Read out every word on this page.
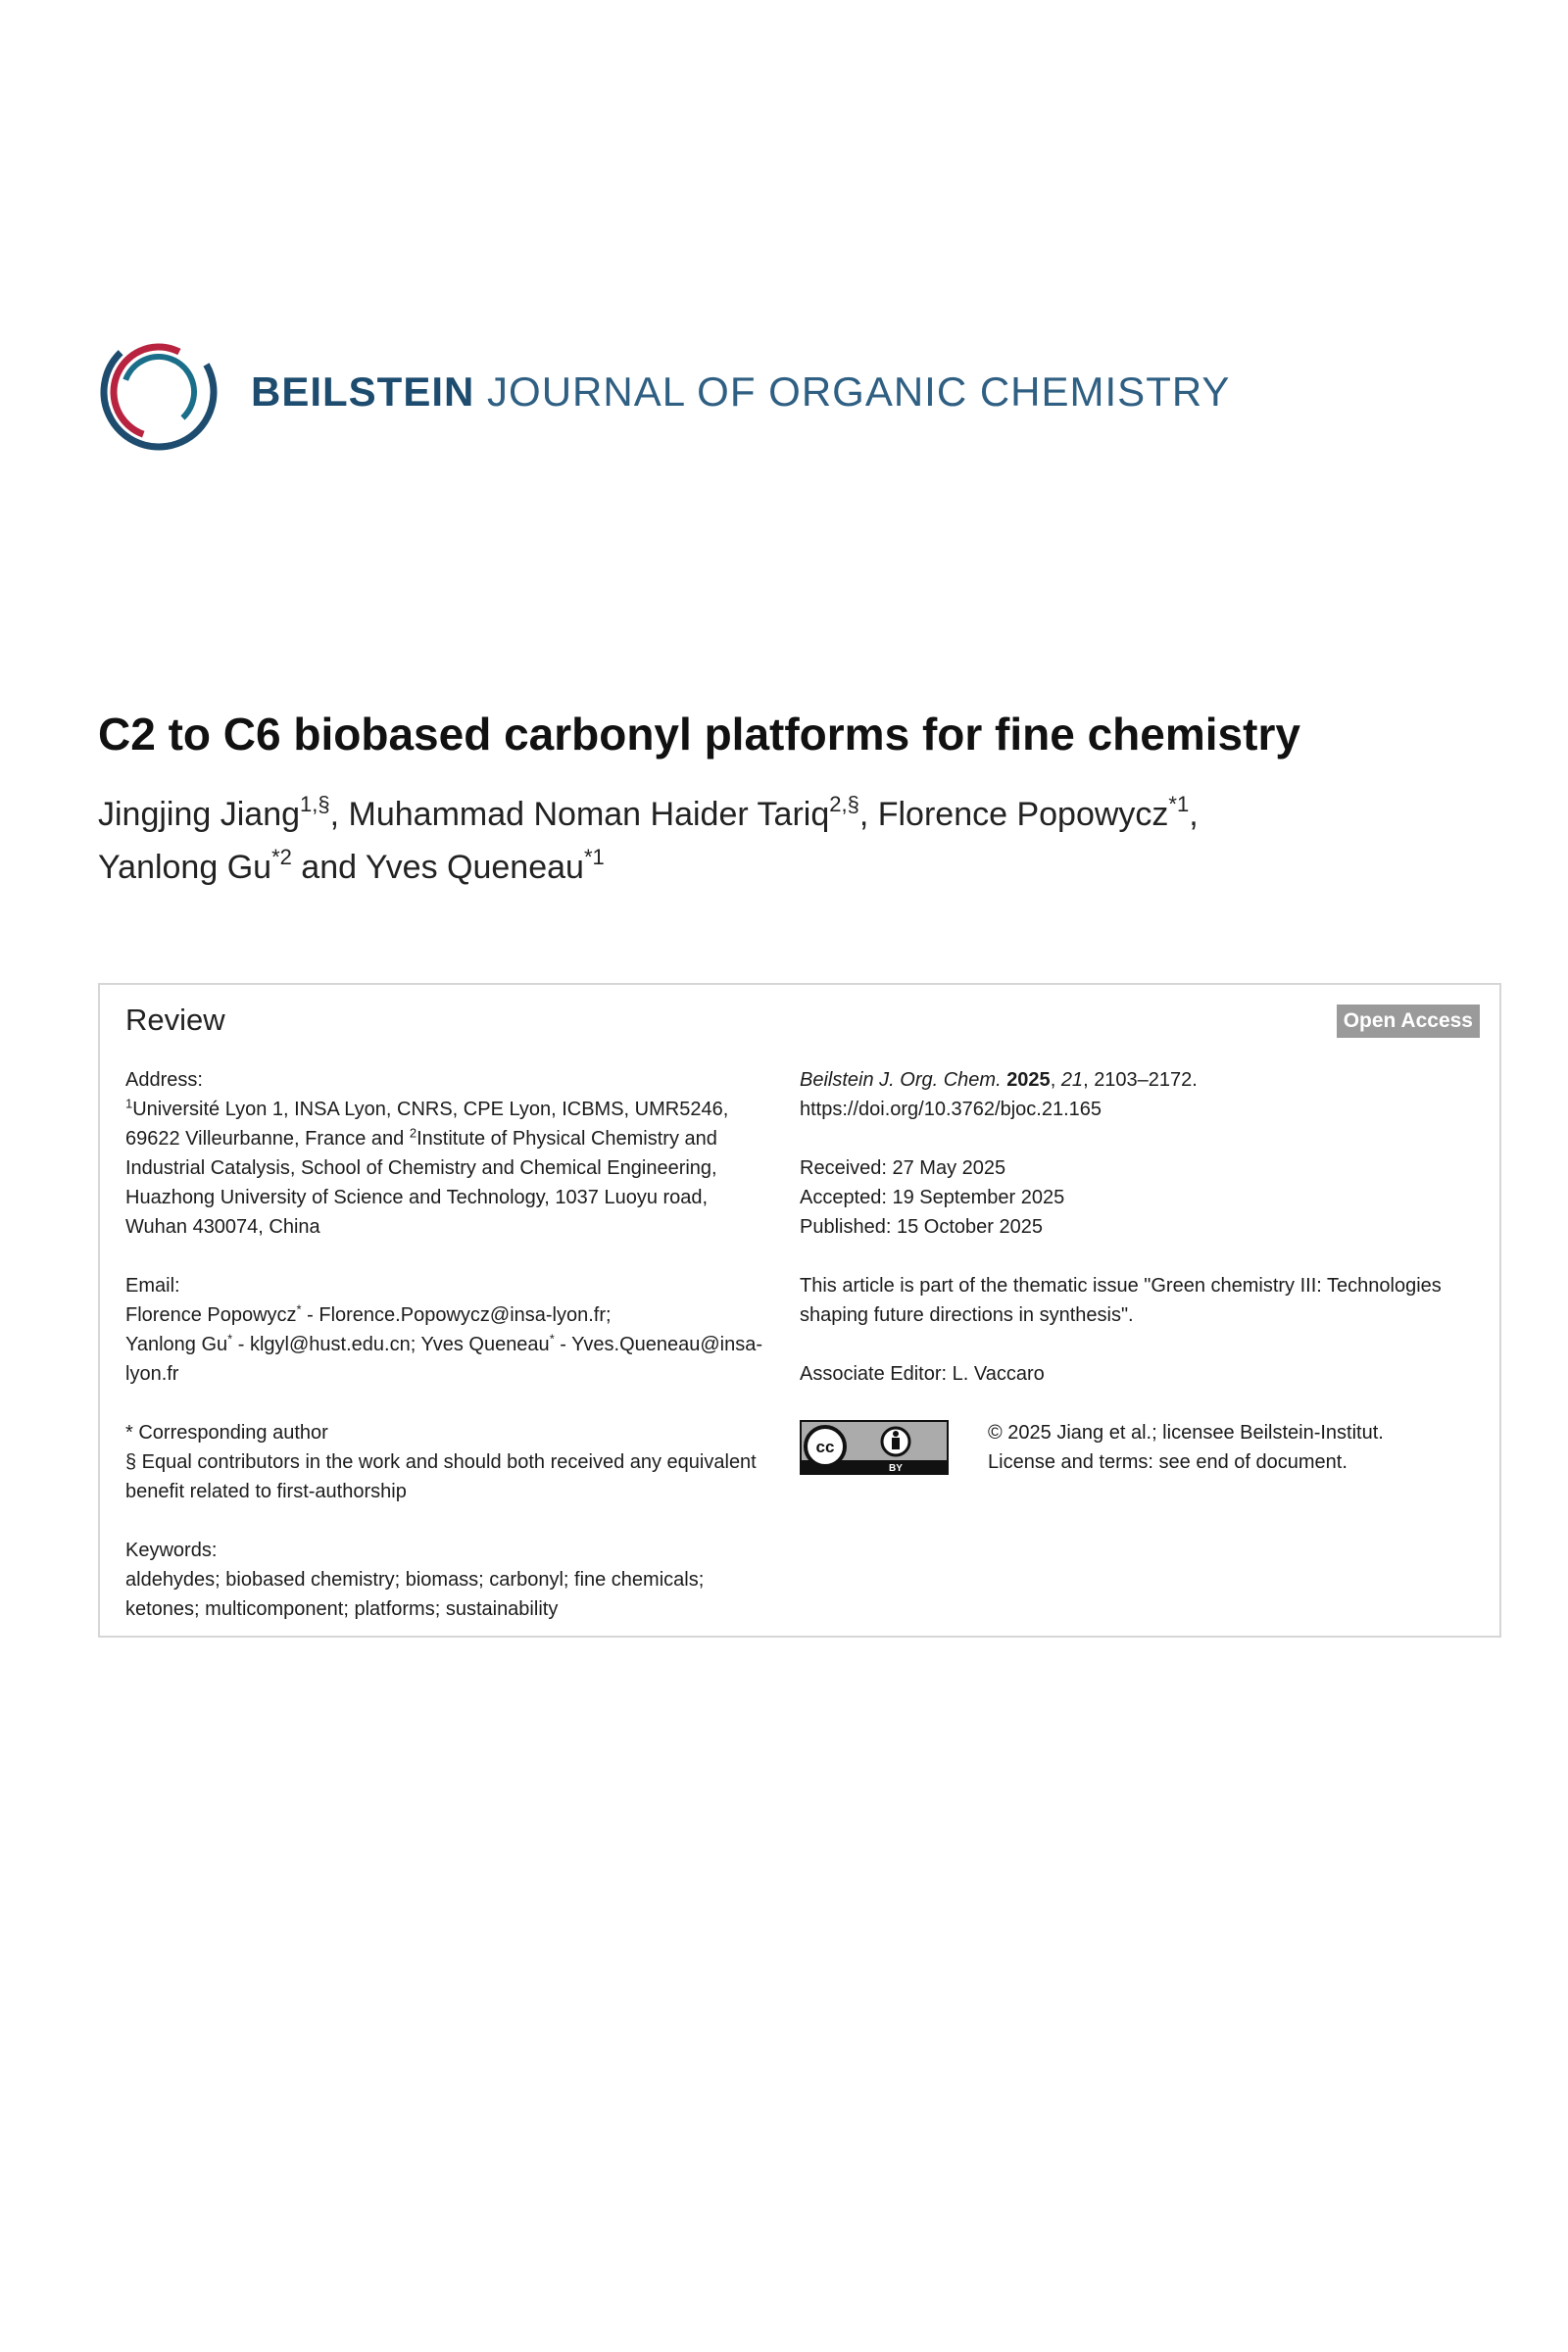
BEILSTEIN JOURNAL OF ORGANIC CHEMISTRY
C2 to C6 biobased carbonyl platforms for fine chemistry
Jingjing Jiang$^{1,\S}$, Muhammad Noman Haider Tariq$^{2,\S}$, Florence Popowycz$^{*1}$,
Yanlong Gu$^{*2}$ and Yves Queneau$^{*1}$
Review	Open Access

Address:

$^1$Université Lyon 1, INSA Lyon, CNRS, CPE Lyon, ICBMS, UMR5246, 69622 Villeurbanne, France and $^2$Institute of Physical Chemistry and Industrial Catalysis, School of Chemistry and Chemical Engineering, Huazhong University of Science and Technology, 1037 Luoyu road, Wuhan 430074, China

Email:

Florence Popowycz* - Florence.Popowycz@insa-lyon.fr;
Yanlong Gu* - klgyl@hust.edu.cn; Yves Queneau* - Yves.Queneau@insa-lyon.fr

* Corresponding author

§ Equal contributors in the work and should both received any equivalent benefit related to first-authorship

Keywords:

aldehydes; biobased chemistry; biomass; carbonyl; fine chemicals; ketones; multicomponent; platforms; sustainability

Beilstein J. Org. Chem. 2025, 21, 2103–2172.

https://doi.org/10.3762/bjoc.21.165

Received: 27 May 2025

Accepted: 19 September 2025

Published: 15 October 2025

This article is part of the thematic issue "Green chemistry III: Technologies shaping future directions in synthesis".

Associate Editor: L. Vaccaro

cc
BY

© 2025 Jiang et al.; licensee Beilstein-Institut.

License and terms: see end of document.
